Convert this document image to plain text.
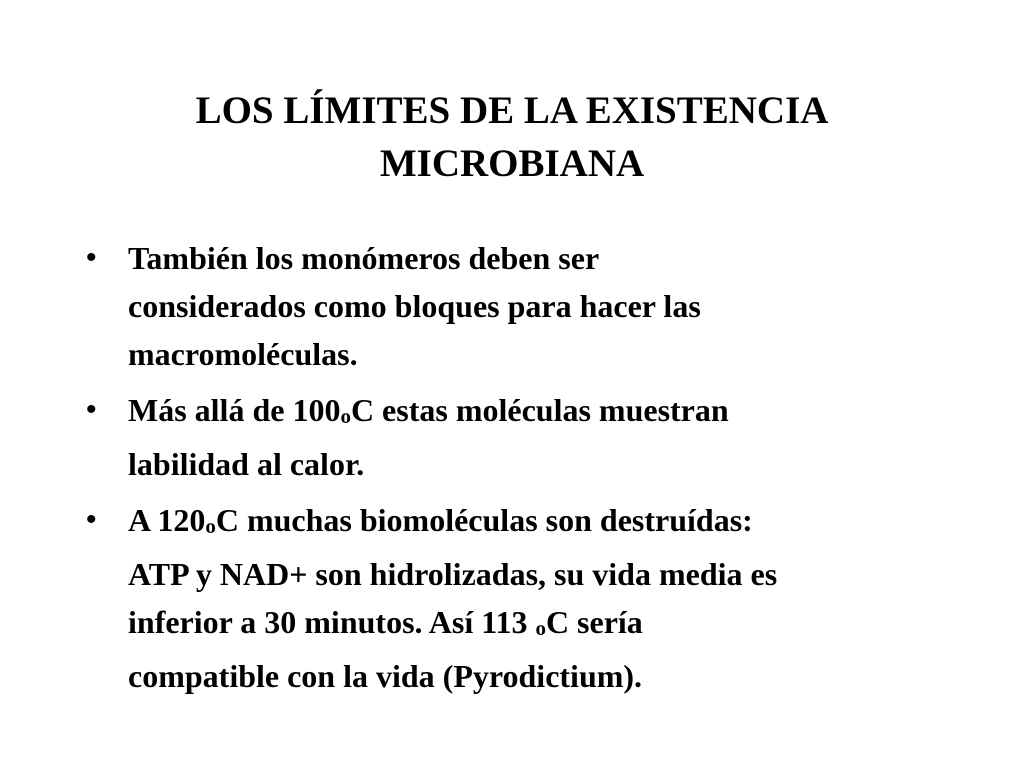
LOS LÍMITES DE LA EXISTENCIA
MICROBIANA
• También los monómeros deben ser
considerados como bloques para hacer las
macromoléculas.
• Más allá de 100oC estas moléculas muestran
labilidad al calor.
• A 120oC muchas biomoléculas son destruídas:
ATP y NAD+ son hidrolizadas, su vida media es
inferior a 30 minutos. Así 113 oC sería
compatible con la vida (Pyrodictium).
